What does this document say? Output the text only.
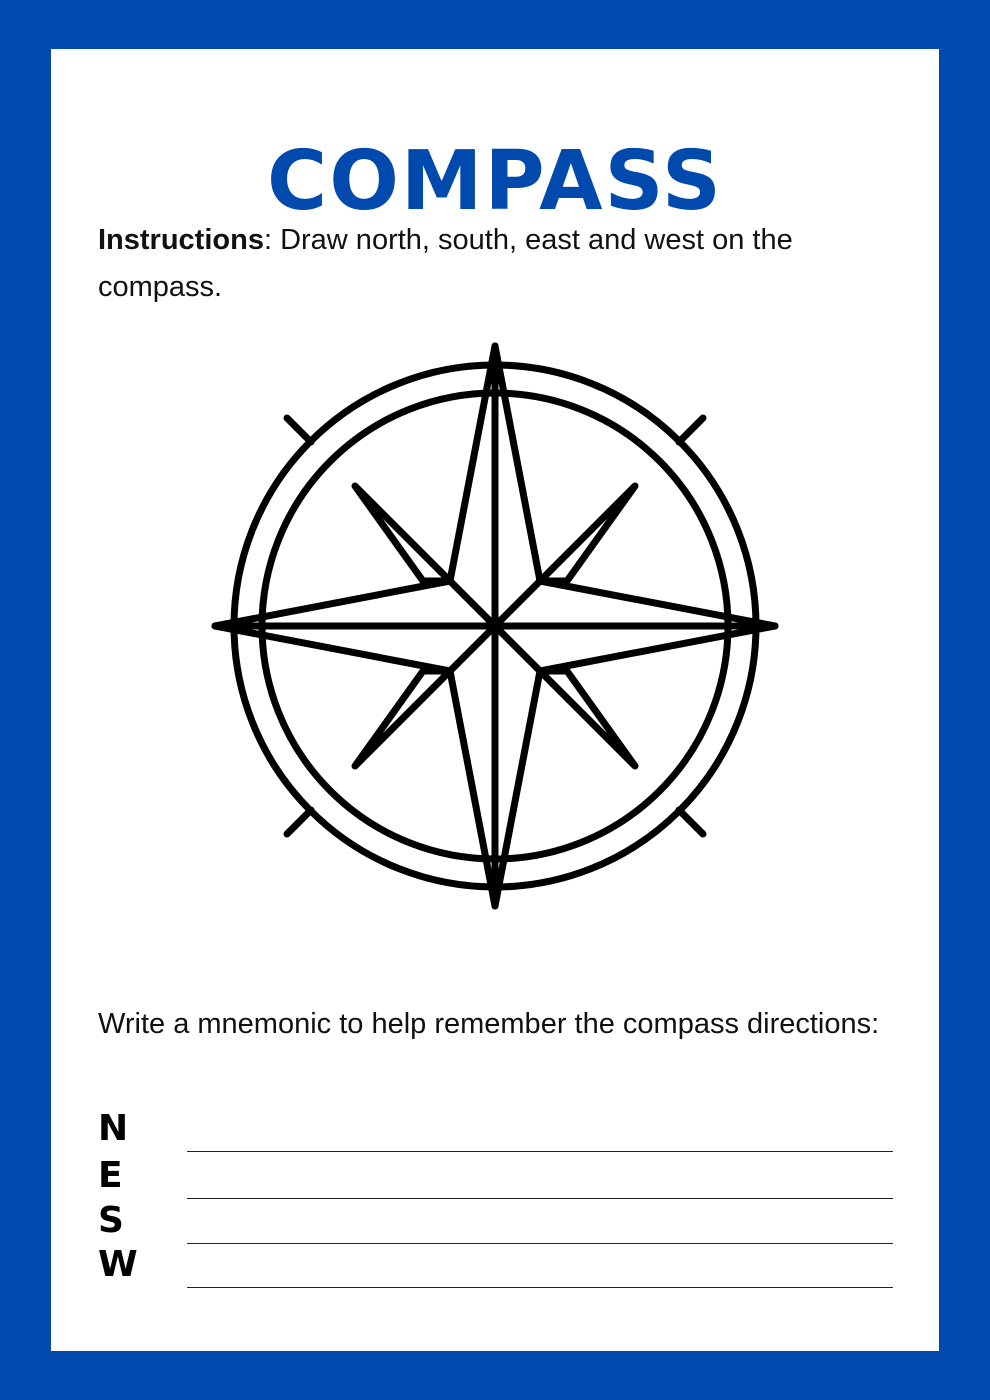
COMPASS

Instructions: Draw north, south, east and west on the compass.

Write a mnemonic to help remember the compass directions:

N
E
S
W
